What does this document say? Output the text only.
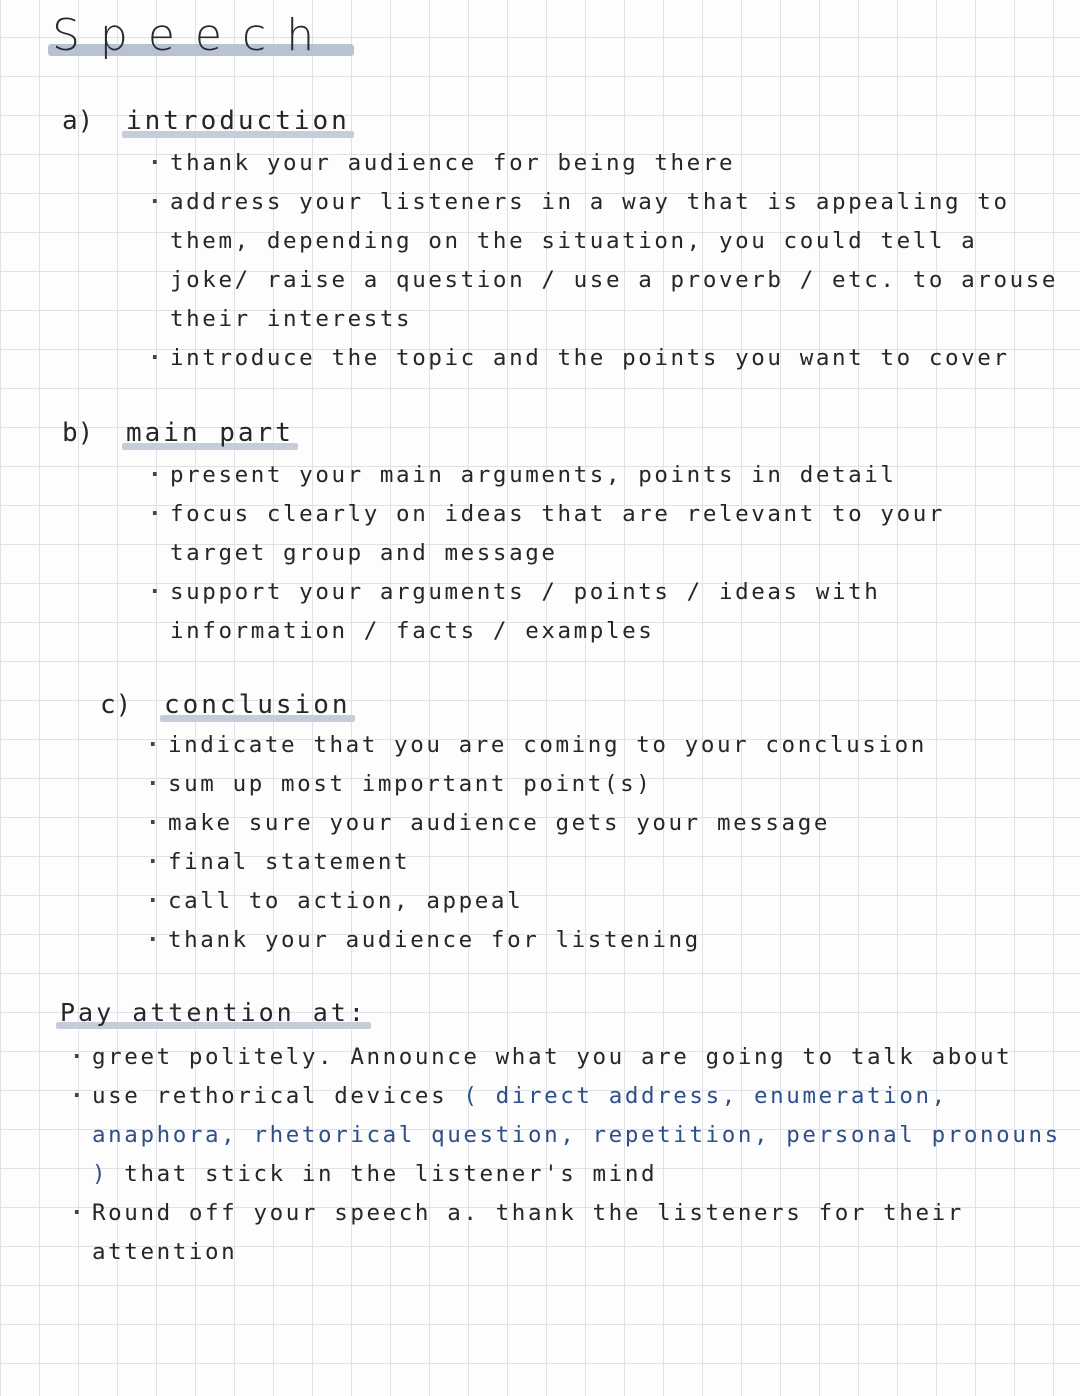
Speech
a) introduction
· thank your audience for being there
· address your listeners in a way that is appealing to them, depending on the situation, you could tell a joke/ raise a question / use a proverb / etc. to arouse their interests
· introduce the topic and the points you want to cover
b) main part
· present your main arguments, points in detail
· focus clearly on ideas that are relevant to your target group and message
· support your arguments / points / ideas with information / facts / examples
c) conclusion
· indicate that you are coming to your conclusion
· sum up most important point(s)
· make sure your audience gets your message
· final statement
· call to action, appeal
· thank your audience for listening
Pay attention at:
· greet politely. Announce what you are going to talk about
· use rethorical devices ( direct address, enumeration, anaphora, rhetorical question, repetition, personal pronouns ) that stick in the listener's mind
· Round off your speech a. thank the listeners for their attention
